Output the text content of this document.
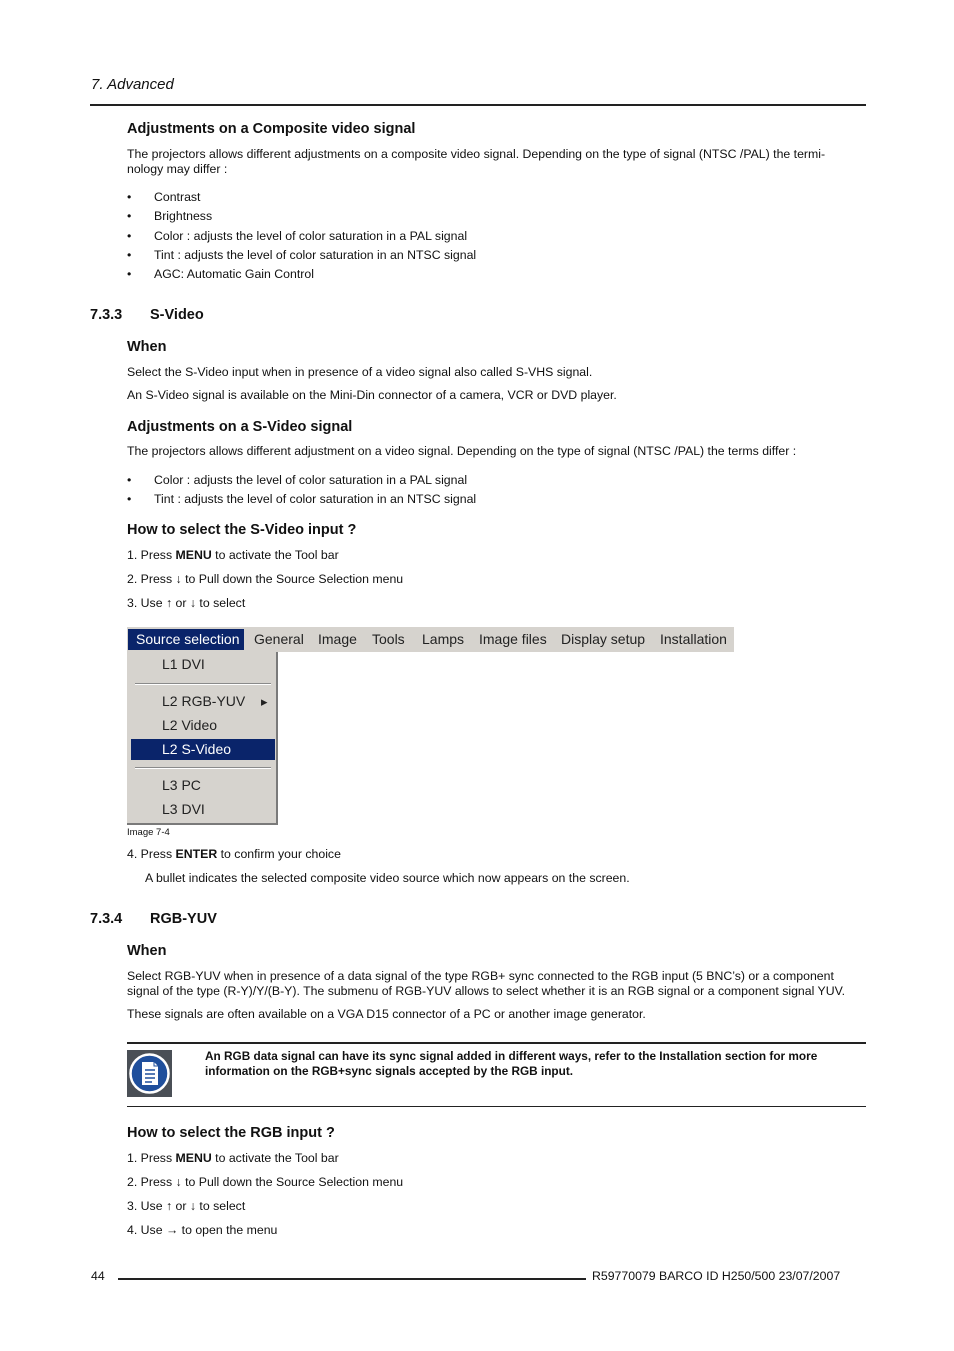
7. Advanced
Adjustments on a Composite video signal
The projectors allows different adjustments on a composite video signal. Depending on the type of signal (NTSC /PAL) the termi-
nology may differ :
• Contrast
• Brightness
• Color : adjusts the level of color saturation in a PAL signal
• Tint : adjusts the level of color saturation in an NTSC signal
• AGC: Automatic Gain Control
7.3.3 S-Video
When
Select the S-Video input when in presence of a video signal also called S-VHS signal.
An S-Video signal is available on the Mini-Din connector of a camera, VCR or DVD player.
Adjustments on a S-Video signal
The projectors allows different adjustment on a video signal. Depending on the type of signal (NTSC /PAL) the terms differ :
• Color : adjusts the level of color saturation in a PAL signal
• Tint : adjusts the level of color saturation in an NTSC signal
How to select the S-Video input ?
1. Press MENU to activate the Tool bar
2. Press ↓ to Pull down the Source Selection menu
3. Use ↑ or ↓ to select
Source selection General Image Tools Lamps Image files Display setup Installation
L1 DVI
L2 RGB-YUV ▸
L2 Video
L2 S-Video
L3 PC
L3 DVI
Image 7-4
4. Press ENTER to confirm your choice
A bullet indicates the selected composite video source which now appears on the screen.
7.3.4 RGB-YUV
When
Select RGB-YUV when in presence of a data signal of the type RGB+ sync connected to the RGB input (5 BNC’s) or a component
signal of the type (R-Y)/Y/(B-Y). The submenu of RGB-YUV allows to select whether it is an RGB signal or a component signal YUV.
These signals are often available on a VGA D15 connector of a PC or another image generator.
An RGB data signal can have its sync signal added in different ways, refer to the Installation section for more
information on the RGB+sync signals accepted by the RGB input.
How to select the RGB input ?
1. Press MENU to activate the Tool bar
2. Press ↓ to Pull down the Source Selection menu
3. Use ↑ or ↓ to select
4. Use → to open the menu
44	R59770079 BARCO ID H250/500 23/07/2007
